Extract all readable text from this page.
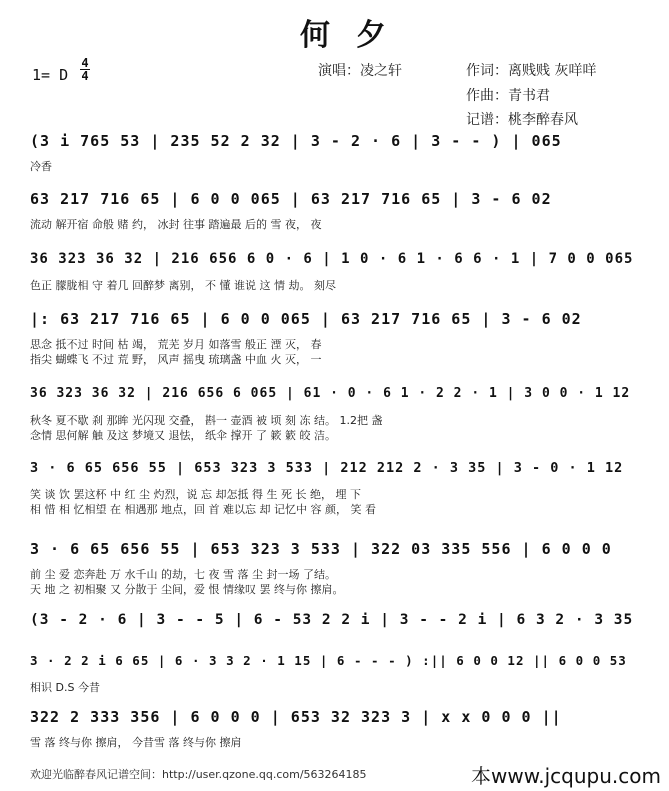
何夕
1= D
4
4	演唱：凌之轩	作词：离贱贱 灰咩咩
作曲：青书君
记谱：桃李醉春风
(3 i 765 53 | 235 52 2 32 | 3 - 2 · 6 | 3 - - ) | 065
冷香
63 217 716 65 | 6 0 0 065 | 63 217 716 65 | 3 - 6 02
流动 解开宿 命般 赌 约， 冰封 往事 踏遍最 后的 雪 夜， 夜
36 323 36 32 | 216 656 6 0 · 6 | 1 0 · 6 1 · 6 6 · 1 | 7 0 0 065
色正 朦胧相 守 着几 回醉梦 离别， 不 懂 谁说 这 情 劫。 刻尽
|: 63 217 716 65 | 6 0 0 065 | 63 217 716 65 | 3 - 6 02
思念 抵不过 时间 枯 竭， 荒芜 岁月 如落雪 般正 湮 灭， 春
指尖 蝴蝶飞 不过 荒 野， 风声 摇曳 琉璃盏 中血 火 灭， 一
36 323 36 32 | 216 656 6 065 | 61 · 0 · 6 1 · 2 2 · 1 | 3 0 0 · 1 12
秋冬 夏不歇 刹 那眸 光闪现 交叠， 斟一 壶酒 被 顷 刻 冻 结。 1.2把 盏
念情 思何解 触 及这 梦境又 退怯， 纸伞 撑开 了 簌 簌 皎 洁。
3 · 6 65 656 55 | 653 323 3 533 | 212 212 2 · 3 35 | 3 - 0 · 1 12
笑 谈 饮 罢这杯 中 红 尘 灼烈，说 忘 却怎抵 得 生 死 长 绝， 埋 下
相 惜 相 忆相望 在 相遇那 地点，回 首 难以忘 却 记忆中 容 颜， 笑 看
3 · 6 65 656 55 | 653 323 3 533 | 322 03 335 556 | 6 0 0 0
前 尘 爱 恋奔赴 万 水千山 的劫，七 夜 雪 落 尘 封一场 了结。
天 地 之 初相聚 又 分散于 尘间，爱 恨 情缘叹 罢 终与你 擦肩。
(3 - 2 · 6 | 3 - - 5 | 6 - 53 2 2 i | 3 - - 2 i | 6 3 2 · 3 35
3 · 2 2 i 6 65 | 6 · 3 3 2 · 1 15 | 6 - - - ) :|| 6 0 0 12 || 6 0 0 53
相识 D.S 今昔
322 2 333 356 | 6 0 0 0 | 653 32 323 3 | x x 0 0 0 ||
雪 落 终与你 擦肩， 今昔雪 落 终与你 擦肩
欢迎光临醉春风记谱空间：http://user.qzone.qq.com/563264185	本www.jcqupu.com
